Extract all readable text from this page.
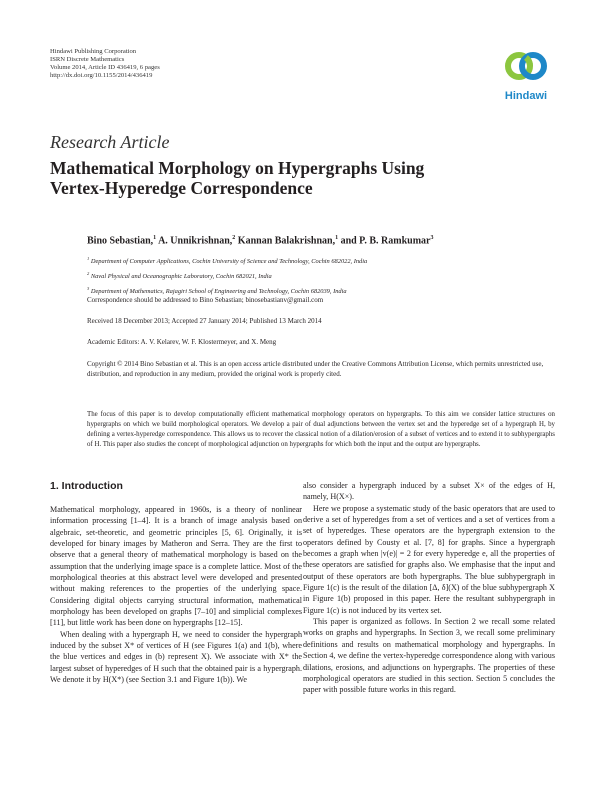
Hindawi Publishing Corporation
ISRN Discrete Mathematics
Volume 2014, Article ID 436419, 6 pages
http://dx.doi.org/10.1155/2014/436419
Hindawi
Research Article
Mathematical Morphology on Hypergraphs Using Vertex-Hyperedge Correspondence
Bino Sebastian,$^1$ A. Unnikrishnan,$^2$ Kannan Balakrishnan,$^1$ and P. B. Ramkumar$^3$
$^1$ Department of Computer Applications, Cochin University of Science and Technology, Cochin 682022, India
$^2$ Naval Physical and Oceanographic Laboratory, Cochin 682021, India
$^3$ Department of Mathematics, Rajagiri School of Engineering and Technology, Cochin 682039, India
Correspondence should be addressed to Bino Sebastian; binosebastianv@gmail.com
Received 18 December 2013; Accepted 27 January 2014; Published 13 March 2014
Academic Editors: A. V. Kelarev, W. F. Klostermeyer, and X. Meng
Copyright © 2014 Bino Sebastian et al. This is an open access article distributed under the Creative Commons Attribution License, which permits unrestricted use, distribution, and reproduction in any medium, provided the original work is properly cited.
The focus of this paper is to develop computationally efficient mathematical morphology operators on hypergraphs. To this aim we consider lattice structures on hypergraphs on which we build morphological operators. We develop a pair of dual adjunctions between the vertex set and the hyperedge set of a hypergraph H, by defining a vertex-hyperedge correspondence. This allows us to recover the classical notion of a dilation/erosion of a subset of vertices and to extend it to subhypergraphs of H. This paper also studies the concept of morphological adjunction on hypergraphs for which both the input and the output are hypergraphs.
1. Introduction

Mathematical morphology, appeared in 1960s, is a theory of nonlinear information processing [1–4]. It is a branch of image analysis based on algebraic, set-theoretic, and geometric principles [5, 6]. Originally, it is developed for binary images by Matheron and Serra. They are the first to observe that a general theory of mathematical morphology is based on the assumption that the underlying image space is a complete lattice. Most of the morphological theories at this abstract level were developed and presented without making references to the properties of the underlying space. Considering digital objects carrying structural information, mathematical morphology has been developed on graphs [7–10] and simplicial complexes [11], but little work has been done on hypergraphs [12–15].

When dealing with a hypergraph H, we need to consider the hypergraph induced by the subset X* of vertices of H (see Figures 1(a) and 1(b), where the blue vertices and edges in (b) represent X). We associate with X* the largest subset of hyperedges of H such that the obtained pair is a hypergraph. We denote it by H(X*) (see Section 3.1 and Figure 1(b)). We

also consider a hypergraph induced by a subset X× of the edges of H, namely, H(X×).

Here we propose a systematic study of the basic operators that are used to derive a set of hyperedges from a set of vertices and a set of vertices from a set of hyperedges. These operators are the hypergraph extension to the operators defined by Cousty et al. [7, 8] for graphs. Since a hypergraph becomes a graph when |v(e)| = 2 for every hyperedge e, all the properties of these operators are satisfied for graphs also. We emphasise that the input and output of these operators are both hypergraphs. The blue subhypergraph in Figure 1(c) is the result of the dilation [Δ, δ](X) of the blue subhypergraph X in Figure 1(b) proposed in this paper. Here the resultant subhypergraph in Figure 1(c) is not induced by its vertex set.

This paper is organized as follows. In Section 2 we recall some related works on graphs and hypergraphs. In Section 3, we recall some preliminary definitions and results on mathematical morphology and hypergraphs. In Section 4, we define the vertex-hyperedge correspondence along with various dilations, erosions, and adjunctions on hypergraphs. The properties of these morphological operators are studied in this section. Section 5 concludes the paper with possible future works in this regard.
